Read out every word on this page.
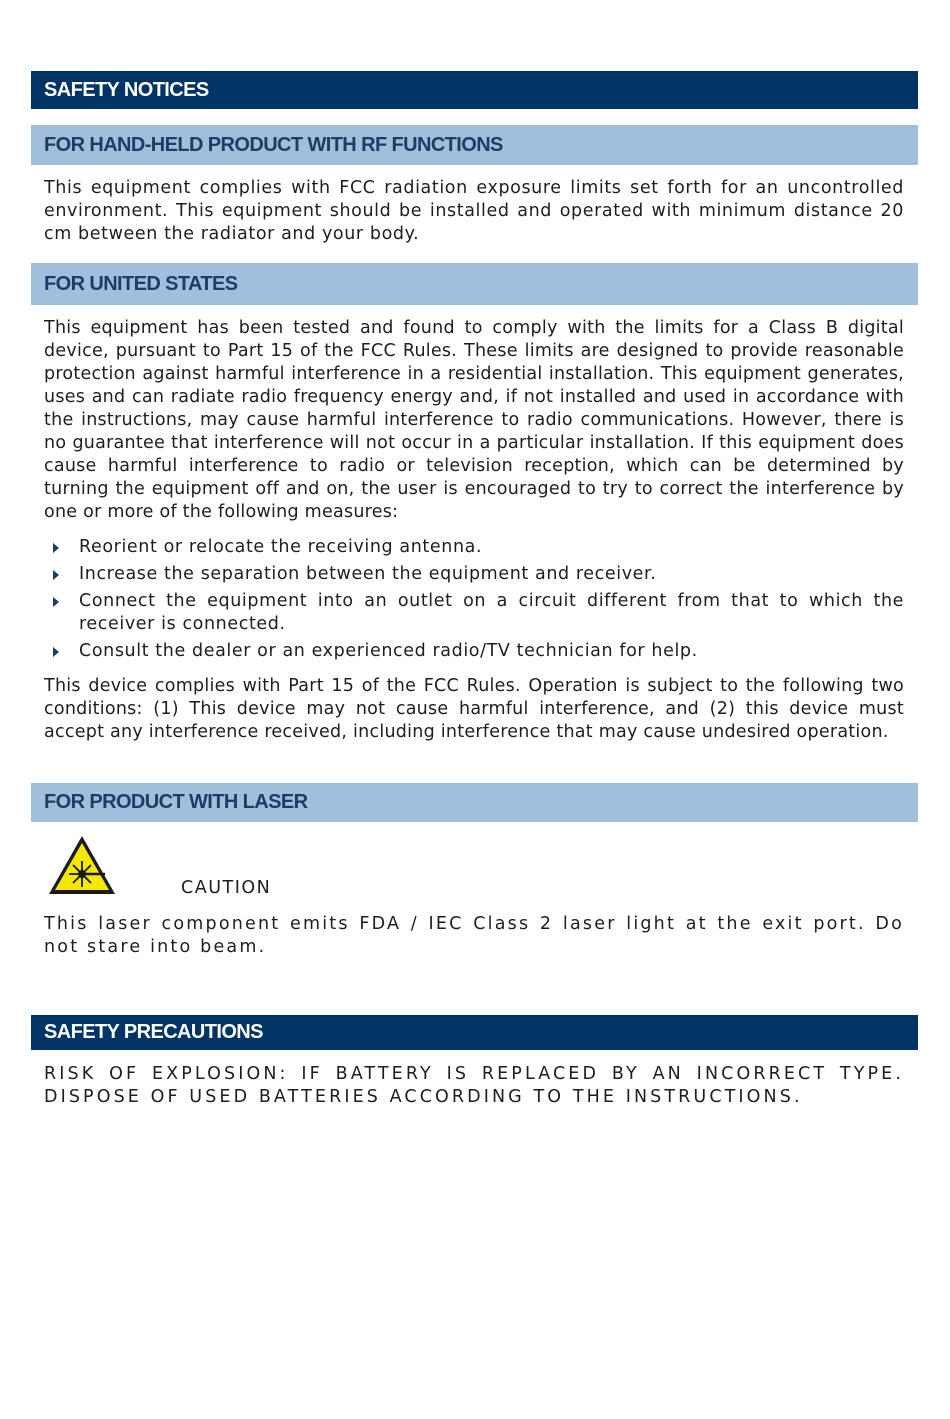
SAFETY NOTICES
FOR HAND-HELD PRODUCT WITH RF FUNCTIONS

This equipment complies with FCC radiation exposure limits set forth for an uncontrolled environment. This equipment should be installed and operated with minimum distance 20 cm between the radiator and your body.

FOR UNITED STATES

This equipment has been tested and found to comply with the limits for a Class B digital device, pursuant to Part 15 of the FCC Rules. These limits are designed to provide reasonable protection against harmful interference in a residential installation. This equipment generates, uses and can radiate radio frequency energy and, if not installed and used in accordance with the instructions, may cause harmful interference to radio communications. However, there is no guarantee that interference will not occur in a particular installation. If this equipment does cause harmful interference to radio or television reception, which can be determined by turning the equipment off and on, the user is encouraged to try to correct the interference by one or more of the following measures:

Reorient or relocate the receiving antenna.
Increase the separation between the equipment and receiver.
Connect the equipment into an outlet on a circuit different from that to which the receiver is connected.
Consult the dealer or an experienced radio/TV technician for help.

This device complies with Part 15 of the FCC Rules. Operation is subject to the following two conditions: (1) This device may not cause harmful interference, and (2) this device must accept any interference received, including interference that may cause undesired operation.

FOR PRODUCT WITH LASER
CAUTION

This laser component emits FDA / IEC Class 2 laser light at the exit port. Do not stare into beam.

SAFETY PRECAUTIONS

RISK OF EXPLOSION: IF BATTERY IS REPLACED BY AN INCORRECT TYPE. DISPOSE OF USED BATTERIES ACCORDING TO THE INSTRUCTIONS.
